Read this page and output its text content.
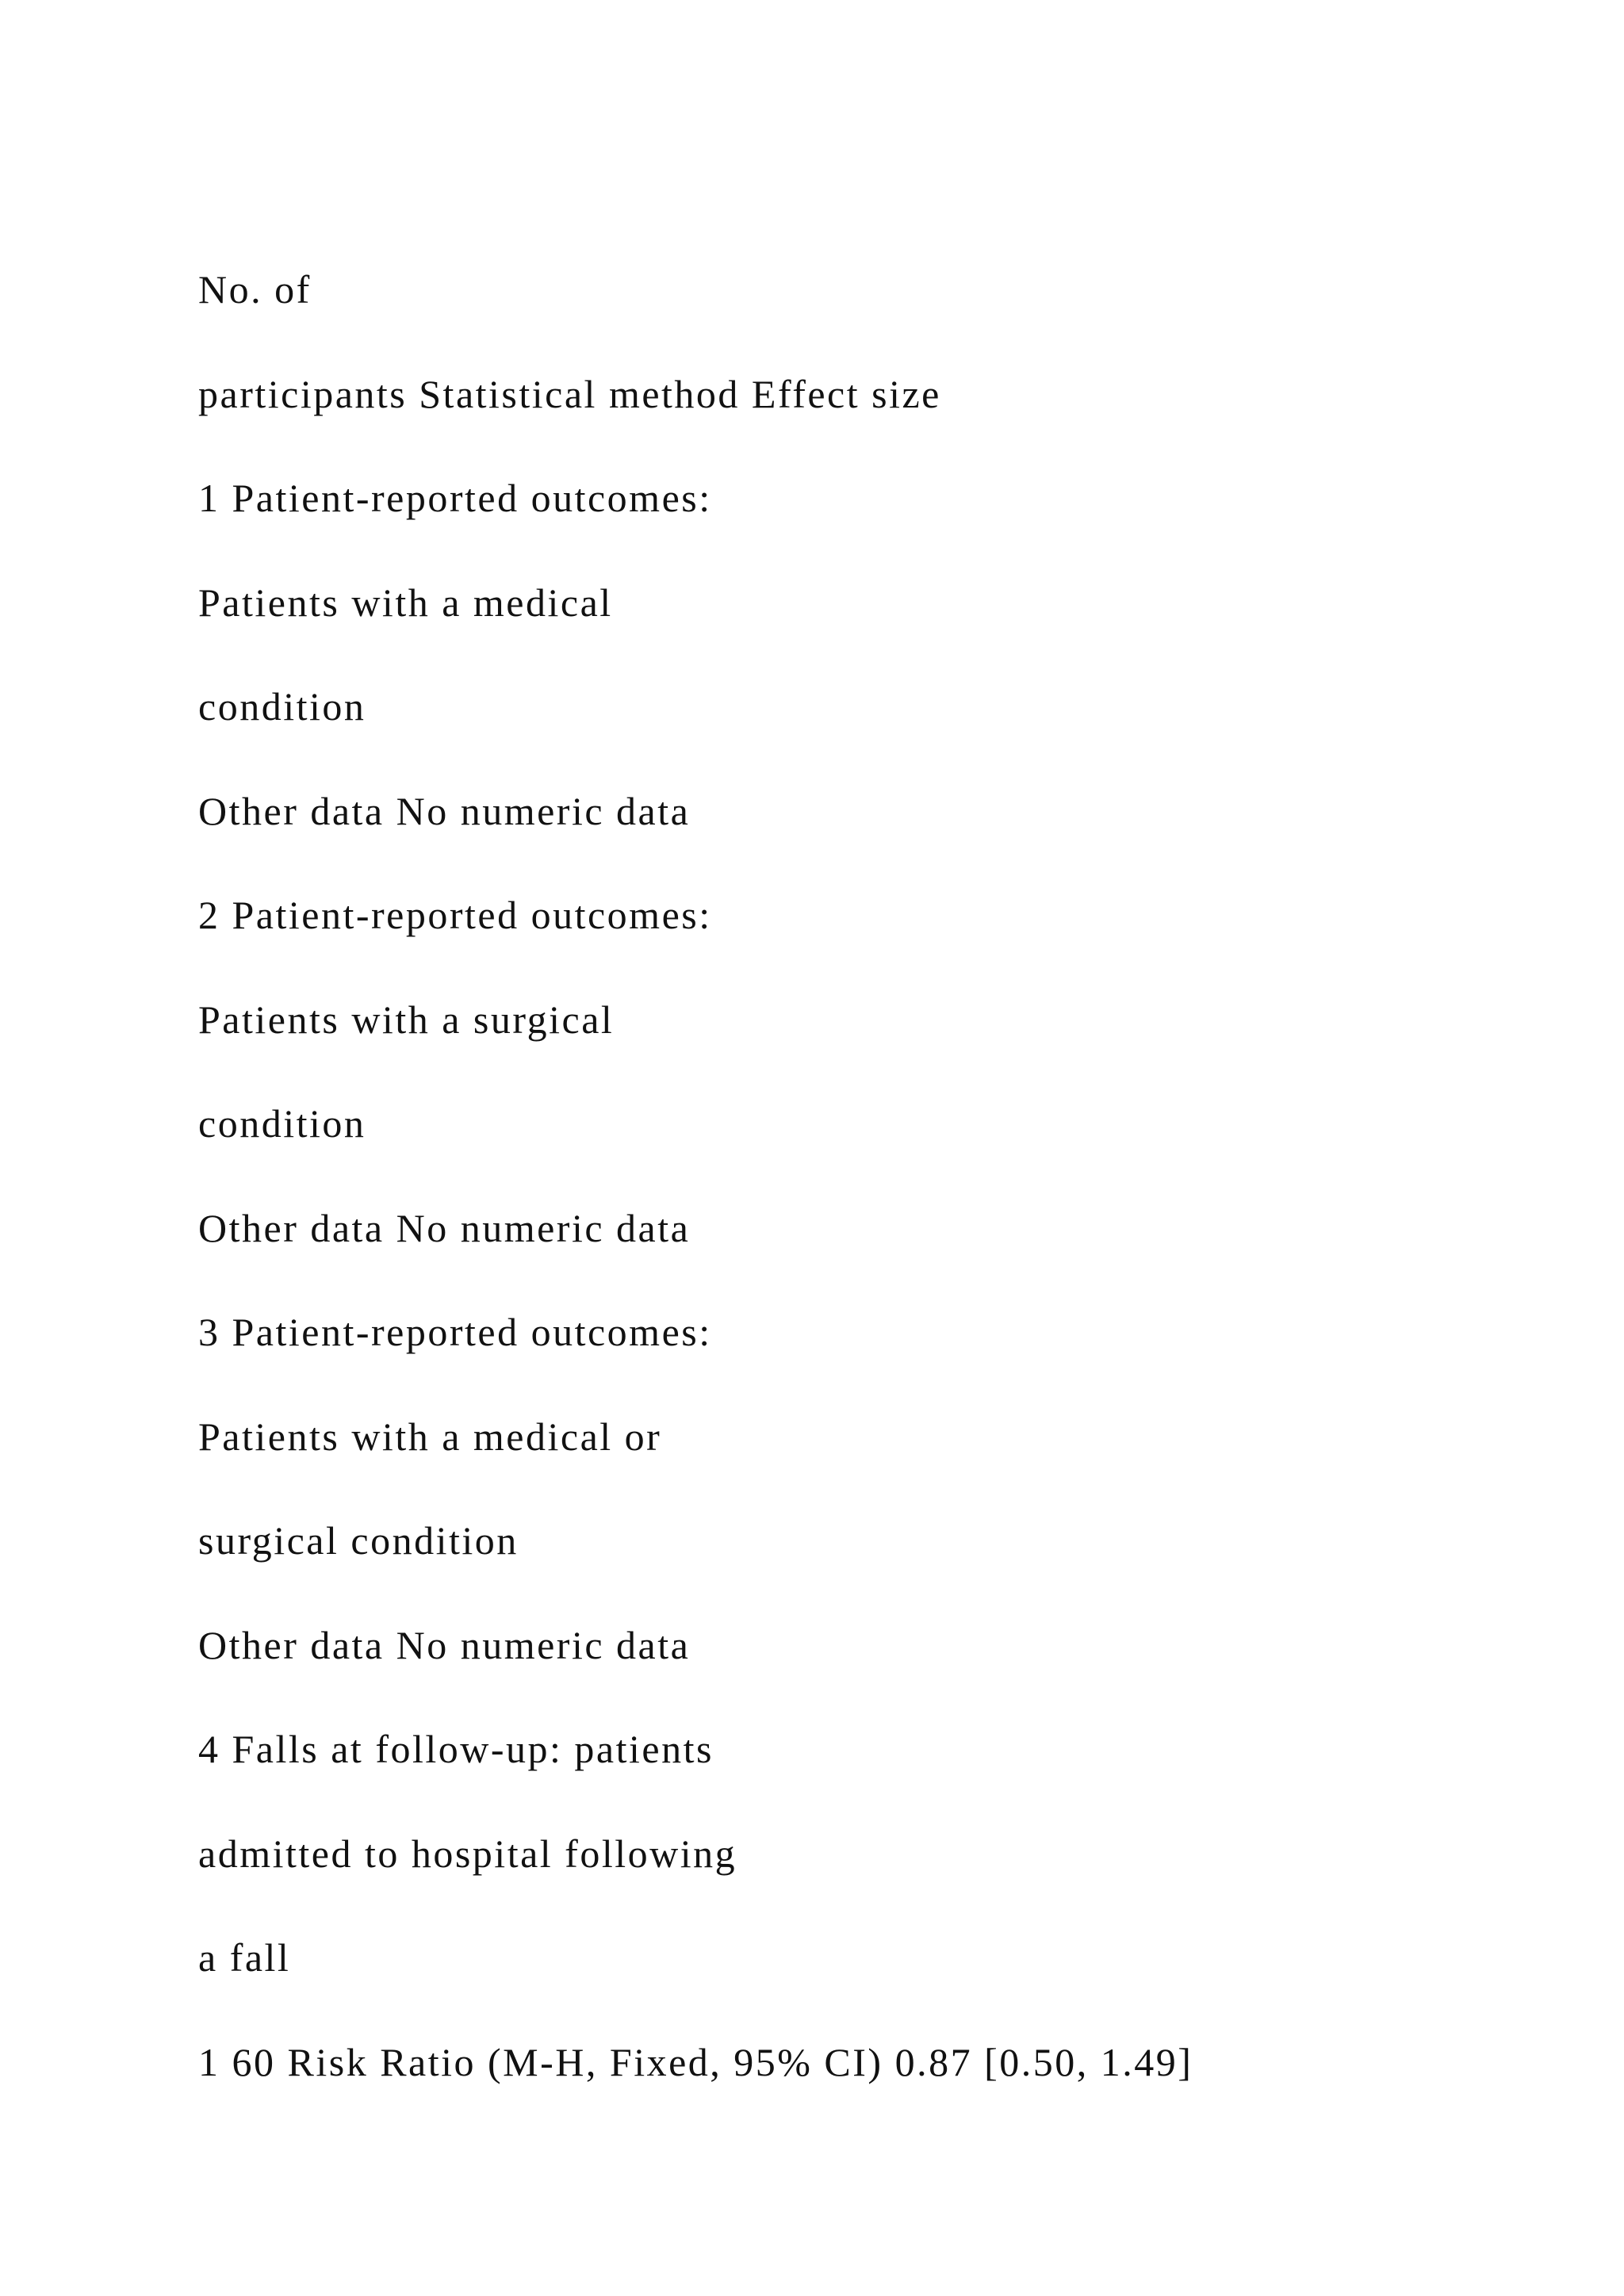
No. of
participants Statistical method Effect size
1 Patient-reported outcomes:
Patients with a medical
condition
Other data No numeric data
2 Patient-reported outcomes:
Patients with a surgical
condition
Other data No numeric data
3 Patient-reported outcomes:
Patients with a medical or
surgical condition
Other data No numeric data
4 Falls at follow-up: patients
admitted to hospital following
a fall
1 60 Risk Ratio (M-H, Fixed, 95% CI) 0.87 [0.50, 1.49]
